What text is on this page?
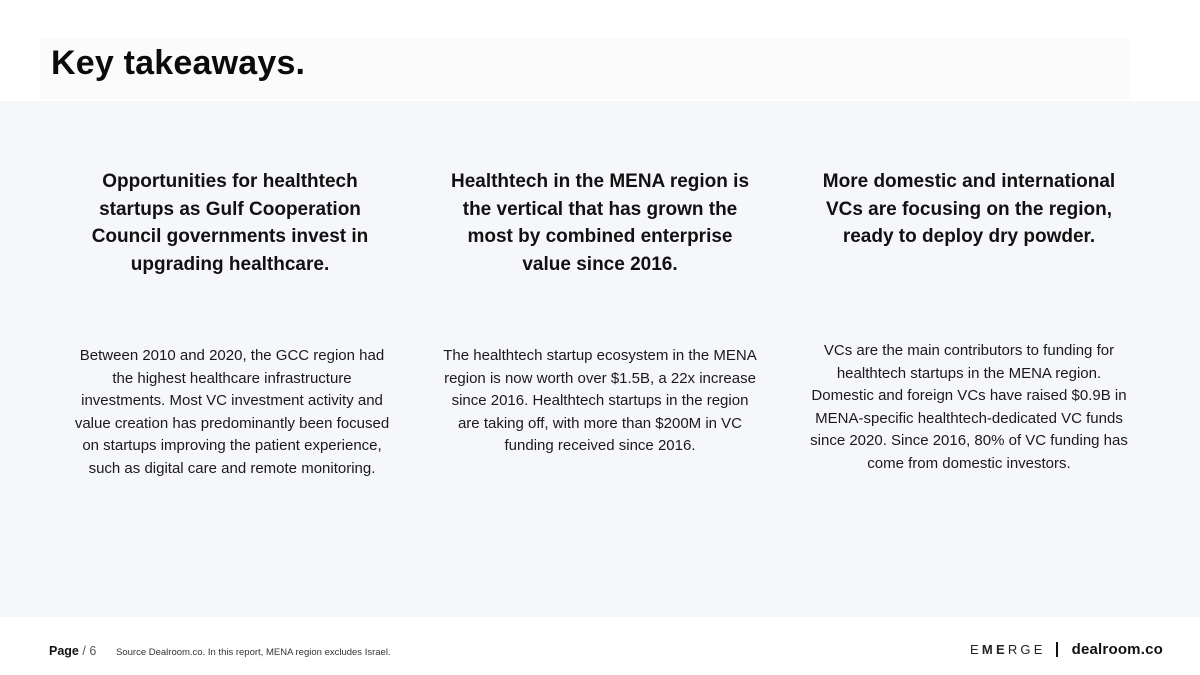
Key takeaways.
Opportunities for healthtech startups as Gulf Cooperation Council governments invest in upgrading healthcare.
Healthtech in the MENA region is the vertical that has grown the most by combined enterprise value since 2016.
More domestic and international VCs are focusing on the region, ready to deploy dry powder.

Between 2010 and 2020, the GCC region had the highest healthcare infrastructure investments. Most VC investment activity and value creation has predominantly been focused on startups improving the patient experience, such as digital care and remote monitoring.

The healthtech startup ecosystem in the MENA region is now worth over $1.5B, a 22x increase since 2016. Healthtech startups in the region are taking off, with more than $200M in VC funding received since 2016.

VCs are the main contributors to funding for healthtech startups in the MENA region. Domestic and foreign VCs have raised $0.9B in MENA-specific healthtech-dedicated VC funds since 2020. Since 2016, 80% of VC funding has come from domestic investors.

Page / 6 Source Dealroom.co. In this report, MENA region excludes Israel.	EMERGE dealroom.co
